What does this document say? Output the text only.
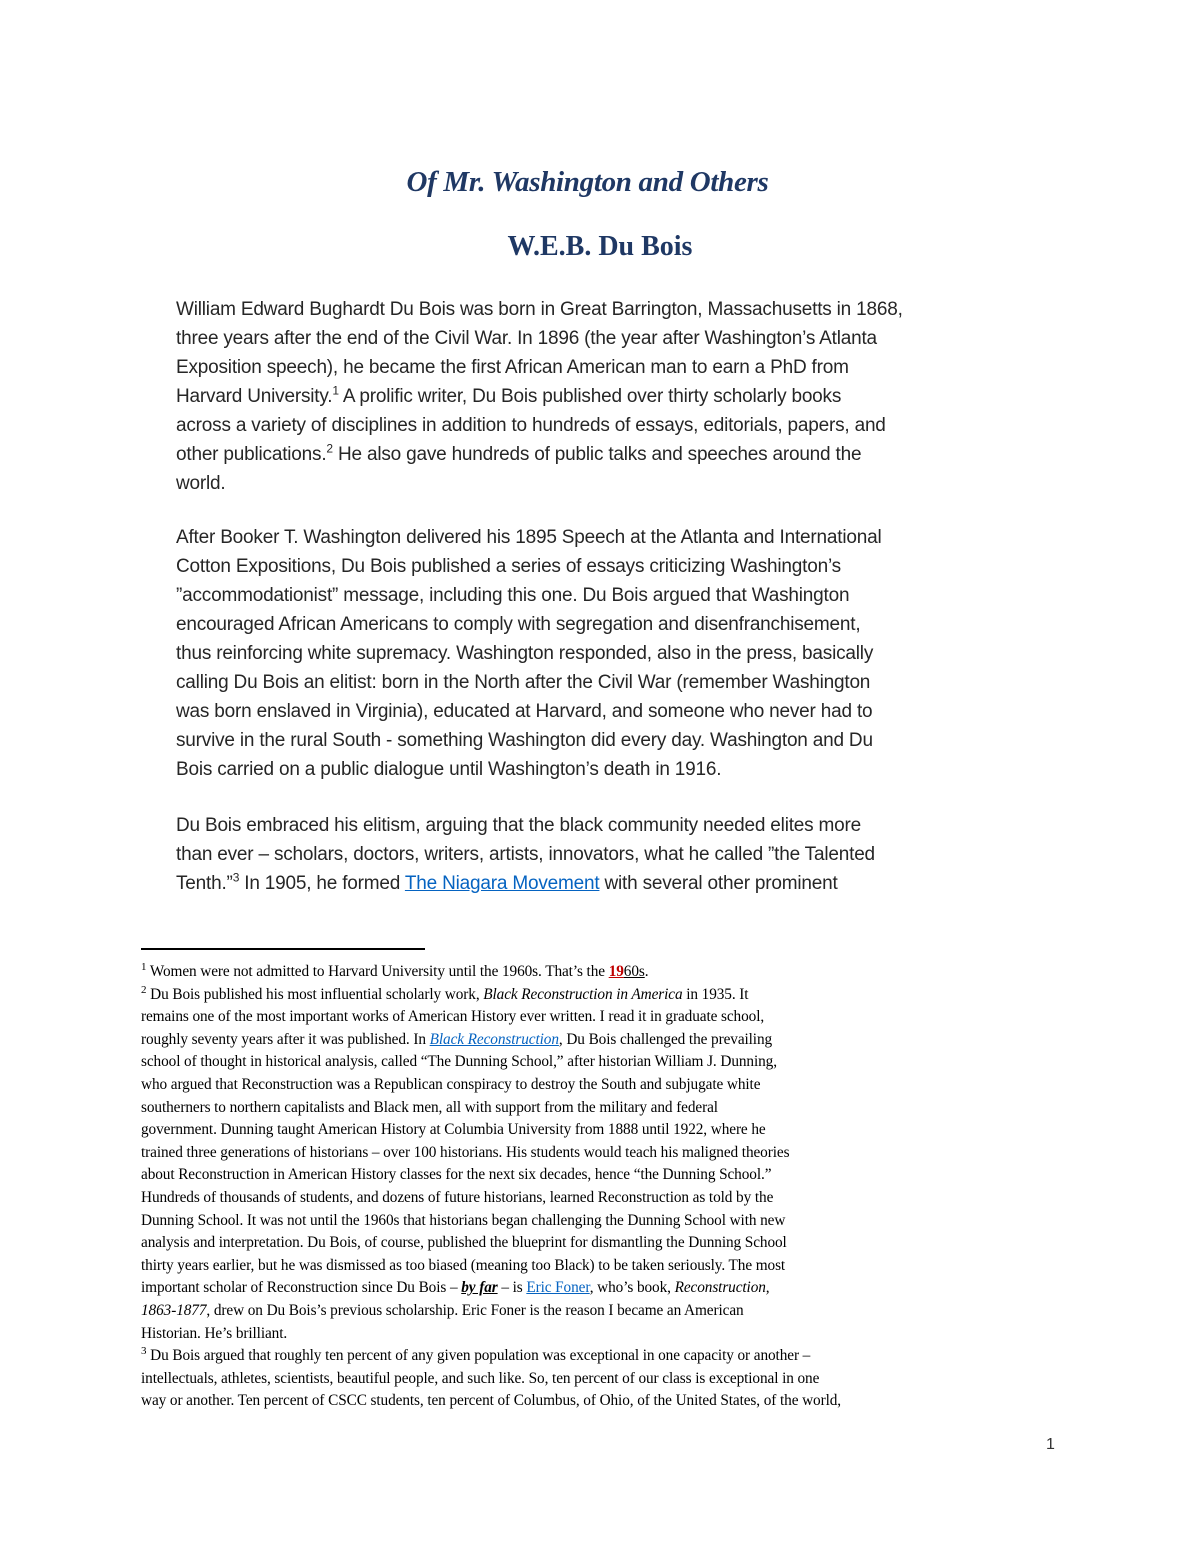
Of Mr. Washington and Others
W.E.B. Du Bois
William Edward Bughardt Du Bois was born in Great Barrington, Massachusetts in 1868,
three years after the end of the Civil War. In 1896 (the year after Washington’s Atlanta
Exposition speech), he became the first African American man to earn a PhD from
Harvard University.$^1$ A prolific writer, Du Bois published over thirty scholarly books
across a variety of disciplines in addition to hundreds of essays, editorials, papers, and
other publications.$^2$ He also gave hundreds of public talks and speeches around the
world.
After Booker T. Washington delivered his 1895 Speech at the Atlanta and International
Cotton Expositions, Du Bois published a series of essays criticizing Washington’s
”accommodationist” message, including this one. Du Bois argued that Washington
encouraged African Americans to comply with segregation and disenfranchisement,
thus reinforcing white supremacy. Washington responded, also in the press, basically
calling Du Bois an elitist: born in the North after the Civil War (remember Washington
was born enslaved in Virginia), educated at Harvard, and someone who never had to
survive in the rural South - something Washington did every day. Washington and Du
Bois carried on a public dialogue until Washington’s death in 1916.
Du Bois embraced his elitism, arguing that the black community needed elites more
than ever – scholars, doctors, writers, artists, innovators, what he called ”the Talented
Tenth.”$^3$ In 1905, he formed The Niagara Movement with several other prominent
$^1$ Women were not admitted to Harvard University until the 1960s. That’s the 1960s.
$^2$ Du Bois published his most influential scholarly work, Black Reconstruction in America in 1935. It
remains one of the most important works of American History ever written. I read it in graduate school,
roughly seventy years after it was published. In Black Reconstruction, Du Bois challenged the prevailing
school of thought in historical analysis, called “The Dunning School,” after historian William J. Dunning,
who argued that Reconstruction was a Republican conspiracy to destroy the South and subjugate white
southerners to northern capitalists and Black men, all with support from the military and federal
government. Dunning taught American History at Columbia University from 1888 until 1922, where he
trained three generations of historians – over 100 historians. His students would teach his maligned theories
about Reconstruction in American History classes for the next six decades, hence “the Dunning School.”
Hundreds of thousands of students, and dozens of future historians, learned Reconstruction as told by the
Dunning School. It was not until the 1960s that historians began challenging the Dunning School with new
analysis and interpretation. Du Bois, of course, published the blueprint for dismantling the Dunning School
thirty years earlier, but he was dismissed as too biased (meaning too Black) to be taken seriously. The most
important scholar of Reconstruction since Du Bois – by far – is Eric Foner, who’s book, Reconstruction,
1863-1877, drew on Du Bois’s previous scholarship. Eric Foner is the reason I became an American
Historian. He’s brilliant.
$^3$ Du Bois argued that roughly ten percent of any given population was exceptional in one capacity or another –
intellectuals, athletes, scientists, beautiful people, and such like. So, ten percent of our class is exceptional in one
way or another. Ten percent of CSCC students, ten percent of Columbus, of Ohio, of the United States, of the world,
1
